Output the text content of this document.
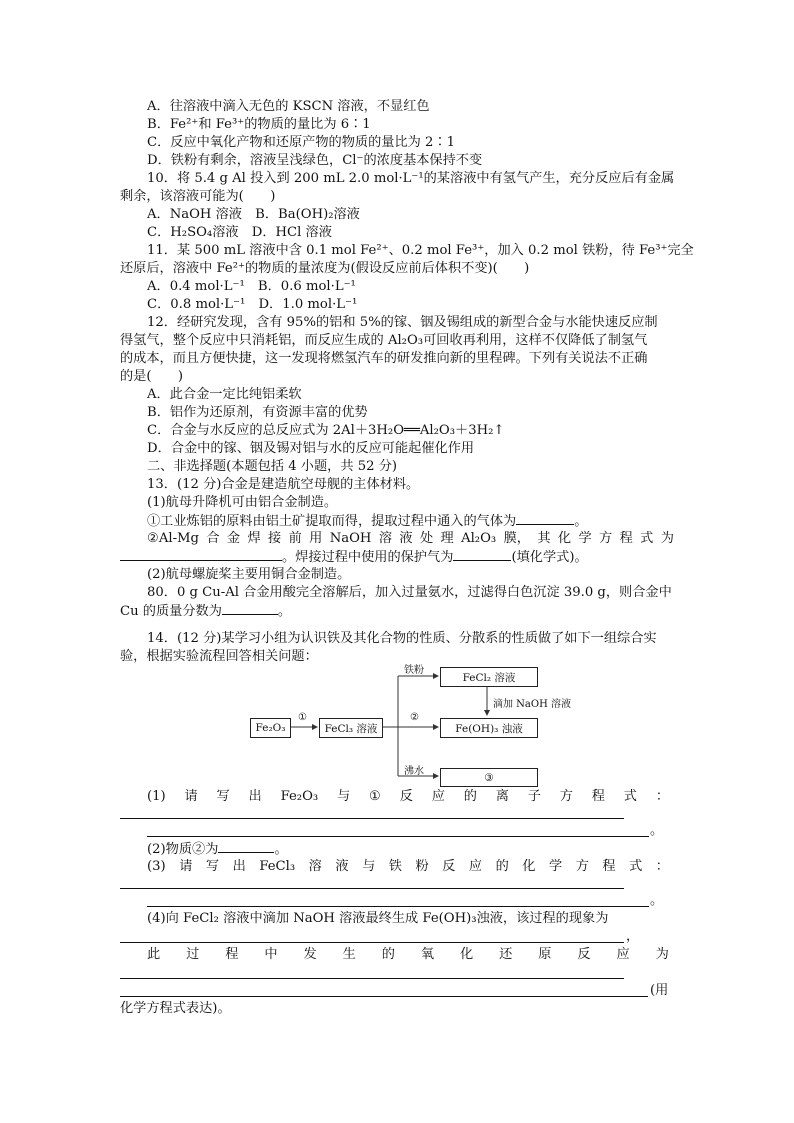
A．往溶液中滴入无色的 KSCN 溶液，不显红色
B．Fe²⁺和 Fe³⁺的物质的量比为 6∶1
C．反应中氧化产物和还原产物的物质的量比为 2∶1
D．铁粉有剩余，溶液呈浅绿色，Cl⁻的浓度基本保持不变
10．将 5.4 g Al 投入到 200 mL 2.0 mol·L⁻¹的某溶液中有氢气产生，充分反应后有金属
剩余，该溶液可能为(　　)
A．NaOH 溶液　B．Ba(OH)₂溶液
C．H₂SO₄溶液　D．HCl 溶液
11．某 500 mL 溶液中含 0.1 mol Fe²⁺、0.2 mol Fe³⁺，加入 0.2 mol 铁粉，待 Fe³⁺完全
还原后，溶液中 Fe²⁺的物质的量浓度为(假设反应前后体积不变)(　　)
A．0.4 mol·L⁻¹　B．0.6 mol·L⁻¹
C．0.8 mol·L⁻¹　D．1.0 mol·L⁻¹
12．经研究发现，含有 95%的铝和 5%的镓、铟及锡组成的新型合金与水能快速反应制
得氢气，整个反应中只消耗铝，而反应生成的 Al₂O₃可回收再利用，这样不仅降低了制氢气
的成本，而且方便快捷，这一发现将燃氢汽车的研发推向新的里程碑。下列有关说法不正确
的是(　　)
A．此合金一定比纯铝柔软
B．铝作为还原剂，有资源丰富的优势
C．合金与水反应的总反应式为 2Al＋3H₂O══Al₂O₃＋3H₂↑
D．合金中的镓、铟及锡对铝与水的反应可能起催化作用
二、非选择题(本题包括 4 小题，共 52 分)
13．(12 分)合金是建造航空母舰的主体材料。
(1)航母升降机可由铝合金制造。
①工业炼铝的原料由铝土矿提取而得，提取过程中通入的气体为	。
②Al-Mg 合 金 焊 接 前 用 NaOH 溶 液 处 理 Al₂O₃ 膜， 其 化 学 方 程 式 为
。焊接过程中使用的保护气为	(填化学式)。
(2)航母螺旋桨主要用铜合金制造。
80．0 g Cu-Al 合金用酸完全溶解后，加入过量氨水，过滤得白色沉淀 39.0 g，则合金中
Cu 的质量分数为	。
14．(12 分)某学习小组为认识铁及其化合物的性质、分散系的性质做了如下一组综合实
验，根据实验流程回答相关问题：
Fe₂O₃
①
FeCl₃ 溶液
铁粉
FeCl₂ 溶液
滴加 NaOH 溶液
②
Fe(OH)₃ 浊液
沸水	③
(1) 请 写 出 Fe₂O₃ 与 ① 反 应 的 离 子 方 程 式 ：
。
(2)物质②为	。
(3) 请 写 出 FeCl₃ 溶 液 与 铁 粉 反 应 的 化 学 方 程 式 ：
。
(4)向 FeCl₂ 溶液中滴加 NaOH 溶液最终生成 Fe(OH)₃浊液，该过程的现象为
，
此 过 程 中 发 生 的 氧 化 还 原 反 应 为
(用
化学方程式表达)。
